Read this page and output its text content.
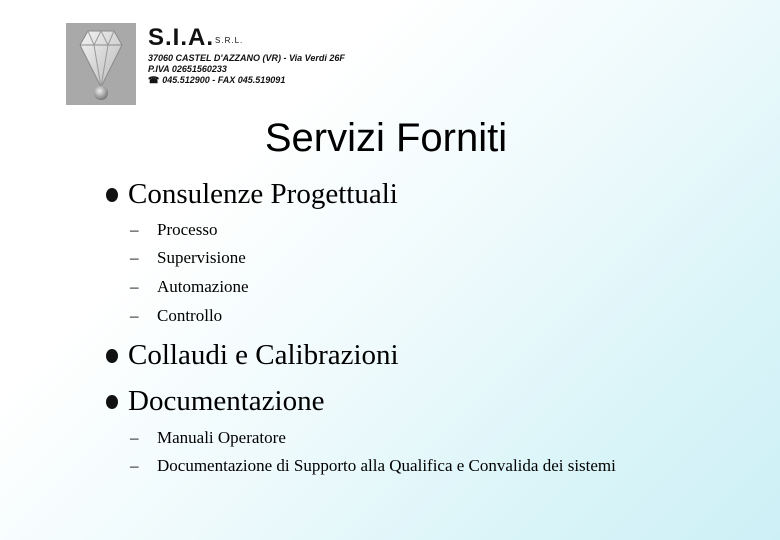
S.I.A.S.R.L.
37060 CASTEL D'AZZANO (VR) - Via Verdi 26F
P.IVA 02651560233
☎ 045.512900 - FAX 045.519091
Servizi Forniti
Consulenze Progettuali
– Processo
– Supervisione
– Automazione
– Controllo
Collaudi e Calibrazioni
Documentazione
– Manuali Operatore
– Documentazione di Supporto alla Qualifica e Convalida dei sistemi
